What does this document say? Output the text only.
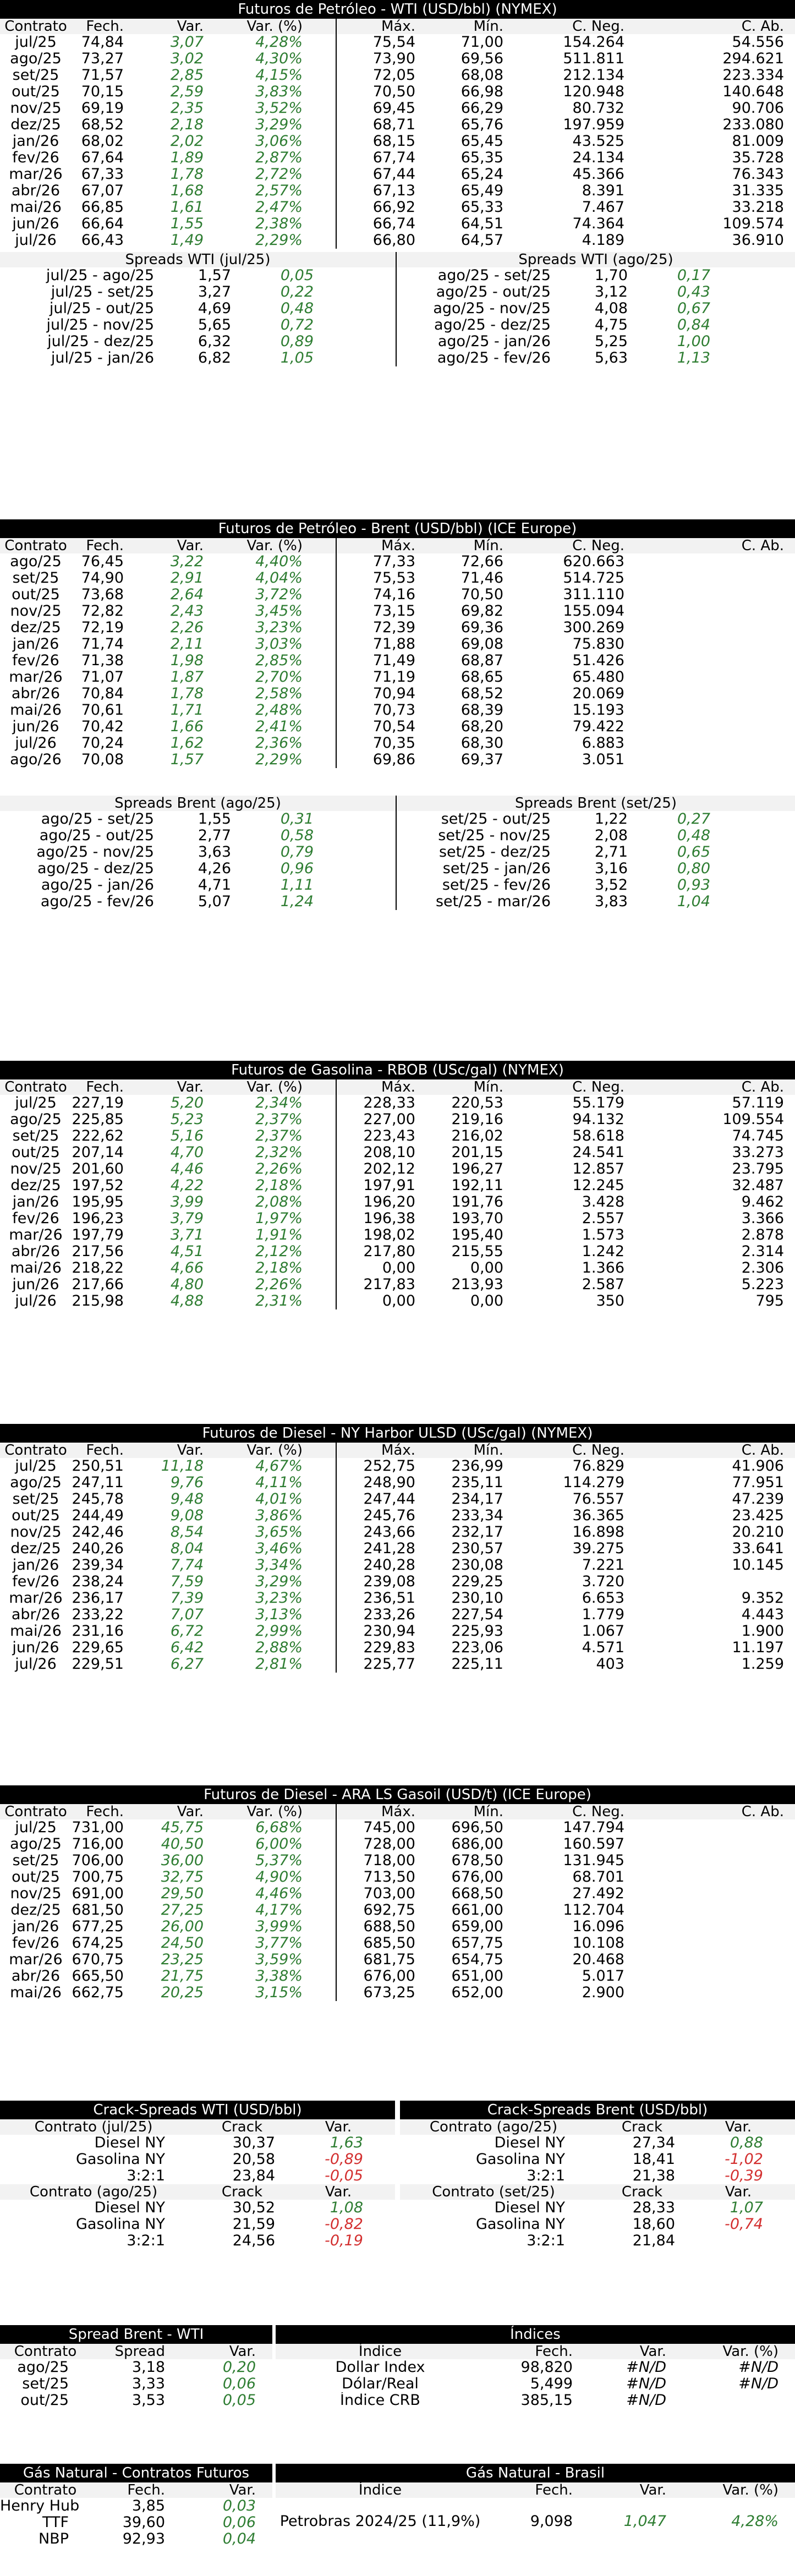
Futuros de Petróleo - WTI (USD/bbl) (NYMEX)
Contrato	Fech.	Var.	Var. (%)	Máx.	Mín.	C. Neg.	C. Ab.
jul/25	74,84	3,07	4,28%	75,54	71,00	154.264	54.556
ago/25	73,27	3,02	4,30%	73,90	69,56	511.811	294.621
set/25	71,57	2,85	4,15%	72,05	68,08	212.134	223.334
out/25	70,15	2,59	3,83%	70,50	66,98	120.948	140.648
nov/25	69,19	2,35	3,52%	69,45	66,29	80.732	90.706
dez/25	68,52	2,18	3,29%	68,71	65,76	197.959	233.080
jan/26	68,02	2,02	3,06%	68,15	65,45	43.525	81.009
fev/26	67,64	1,89	2,87%	67,74	65,35	24.134	35.728
mar/26	67,33	1,78	2,72%	67,44	65,24	45.366	76.343
abr/26	67,07	1,68	2,57%	67,13	65,49	8.391	31.335
mai/26	66,85	1,61	2,47%	66,92	65,33	7.467	33.218
jun/26	66,64	1,55	2,38%	66,74	64,51	74.364	109.574
jul/26	66,43	1,49	2,29%	66,80	64,57	4.189	36.910
Spreads WTI (jul/25)
jul/25 - ago/25	1,57	0,05
jul/25 - set/25	3,27	0,22
jul/25 - out/25	4,69	0,48
jul/25 - nov/25	5,65	0,72
jul/25 - dez/25	6,32	0,89
jul/25 - jan/26	6,82	1,05
Spreads WTI (ago/25)
ago/25 - set/25	1,70	0,17
ago/25 - out/25	3,12	0,43
ago/25 - nov/25	4,08	0,67
ago/25 - dez/25	4,75	0,84
ago/25 - jan/26	5,25	1,00
ago/25 - fev/26	5,63	1,13
Futuros de Petróleo - Brent (USD/bbl) (ICE Europe)
Contrato	Fech.	Var.	Var. (%)	Máx.	Mín.	C. Neg.	C. Ab.
ago/25	76,45	3,22	4,40%	77,33	72,66	620.663
set/25	74,90	2,91	4,04%	75,53	71,46	514.725
out/25	73,68	2,64	3,72%	74,16	70,50	311.110
nov/25	72,82	2,43	3,45%	73,15	69,82	155.094
dez/25	72,19	2,26	3,23%	72,39	69,36	300.269
jan/26	71,74	2,11	3,03%	71,88	69,08	75.830
fev/26	71,38	1,98	2,85%	71,49	68,87	51.426
mar/26	71,07	1,87	2,70%	71,19	68,65	65.480
abr/26	70,84	1,78	2,58%	70,94	68,52	20.069
mai/26	70,61	1,71	2,48%	70,73	68,39	15.193
jun/26	70,42	1,66	2,41%	70,54	68,20	79.422
jul/26	70,24	1,62	2,36%	70,35	68,30	6.883
ago/26	70,08	1,57	2,29%	69,86	69,37	3.051
Spreads Brent (ago/25)
ago/25 - set/25	1,55	0,31
ago/25 - out/25	2,77	0,58
ago/25 - nov/25	3,63	0,79
ago/25 - dez/25	4,26	0,96
ago/25 - jan/26	4,71	1,11
ago/25 - fev/26	5,07	1,24
Spreads Brent (set/25)
set/25 - out/25	1,22	0,27
set/25 - nov/25	2,08	0,48
set/25 - dez/25	2,71	0,65
set/25 - jan/26	3,16	0,80
set/25 - fev/26	3,52	0,93
set/25 - mar/26	3,83	1,04
Futuros de Gasolina - RBOB (USc/gal) (NYMEX)
Contrato	Fech.	Var.	Var. (%)	Máx.	Mín.	C. Neg.	C. Ab.
jul/25	227,19	5,20	2,34%	228,33	220,53	55.179	57.119
ago/25 225,85	5,23	2,37%	227,00	219,16	94.132	109.554
set/25 222,62	5,16	2,37%	223,43	216,02	58.618	74.745
out/25 207,14	4,70	2,32%	208,10	201,15	24.541	33.273
nov/25 201,60	4,46	2,26%	202,12	196,27	12.857	23.795
dez/25 197,52	4,22	2,18%	197,91	192,11	12.245	32.487
jan/26 195,95	3,99	2,08%	196,20	191,76	3.428	9.462
fev/26 196,23	3,79	1,97%	196,38	193,70	2.557	3.366
mar/26 197,79	3,71	1,91%	198,02	195,40	1.573	2.878
abr/26 217,56	4,51	2,12%	217,80	215,55	1.242	2.314
mai/26 218,22	4,66	2,18%	0,00	0,00	1.366	2.306
jun/26 217,66	4,80	2,26%	217,83	213,93	2.587	5.223
jul/26	215,98	4,88	2,31%	0,00	0,00	350	795
Futuros de Diesel - NY Harbor ULSD (USc/gal) (NYMEX)
Contrato	Fech.	Var.	Var. (%)	Máx.	Mín.	C. Neg.	C. Ab.
jul/25	250,51	11,18	4,67%	252,75	236,99	76.829	41.906
ago/25 247,11	9,76	4,11%	248,90	235,11	114.279	77.951
set/25 245,78	9,48	4,01%	247,44	234,17	76.557	47.239
out/25 244,49	9,08	3,86%	245,76	233,34	36.365	23.425
nov/25 242,46	8,54	3,65%	243,66	232,17	16.898	20.210
dez/25 240,26	8,04	3,46%	241,28	230,57	39.275	33.641
jan/26 239,34	7,74	3,34%	240,28	230,08	7.221	10.145
fev/26 238,24	7,59	3,29%	239,08	229,25	3.720
mar/26 236,17	7,39	3,23%	236,51	230,10	6.653	9.352
abr/26 233,22	7,07	3,13%	233,26	227,54	1.779	4.443
mai/26 231,16	6,72	2,99%	230,94	225,93	1.067	1.900
jun/26 229,65	6,42	2,88%	229,83	223,06	4.571	11.197
jul/26	229,51	6,27	2,81%	225,77	225,11	403	1.259
Futuros de Diesel - ARA LS Gasoil (USD/t) (ICE Europe)
Contrato	Fech.	Var.	Var. (%)	Máx.	Mín.	C. Neg.	C. Ab.
jul/25	731,00	45,75	6,68%	745,00	696,50	147.794
ago/25 716,00	40,50	6,00%	728,00	686,00	160.597
set/25 706,00	36,00	5,37%	718,00	678,50	131.945
out/25 700,75	32,75	4,90%	713,50	676,00	68.701
nov/25 691,00	29,50	4,46%	703,00	668,50	27.492
dez/25 681,50	27,25	4,17%	692,75	661,00	112.704
jan/26 677,25	26,00	3,99%	688,50	659,00	16.096
fev/26 674,25	24,50	3,77%	685,50	657,75	10.108
mar/26 670,75	23,25	3,59%	681,75	654,75	20.468
abr/26 665,50	21,75	3,38%	676,00	651,00	5.017
mai/26 662,75	20,25	3,15%	673,25	652,00	2.900
Crack-Spreads WTI (USD/bbl)
Contrato (jul/25)	Crack	Var.
Diesel NY	30,37	1,63
Gasolina NY	20,58	-0,89
3:2:1	23,84	-0,05
Contrato (ago/25)	Crack	Var.
Diesel NY	30,52	1,08
Gasolina NY	21,59	-0,82
3:2:1	24,56	-0,19
Crack-Spreads Brent (USD/bbl)
Contrato (ago/25)	Crack	Var.
Diesel NY	27,34	0,88
Gasolina NY	18,41	-1,02
3:2:1	21,38	-0,39
Contrato (set/25)	Crack	Var.
Diesel NY	28,33	1,07
Gasolina NY	18,60	-0,74
3:2:1	21,84
Spread Brent - WTI
Contrato	Spread	Var.
ago/25	3,18	0,20
set/25	3,33	0,06
out/25	3,53	0,05
Índices
Índice	Fech.	Var.	Var. (%)
Dollar Index	98,820	#N/D	#N/D
Dólar/Real	5,499	#N/D	#N/D
Índice CRB	385,15	#N/D
Gás Natural - Contratos Futuros
Contrato	Fech.	Var.
Henry Hub	3,85	0,03
TTF	39,60	0,06
NBP	92,93	0,04
Gás Natural - Brasil
Índice	Fech.	Var.	Var. (%)
Petrobras 2024/25 (11,9%)	9,098	1,047	4,28%
